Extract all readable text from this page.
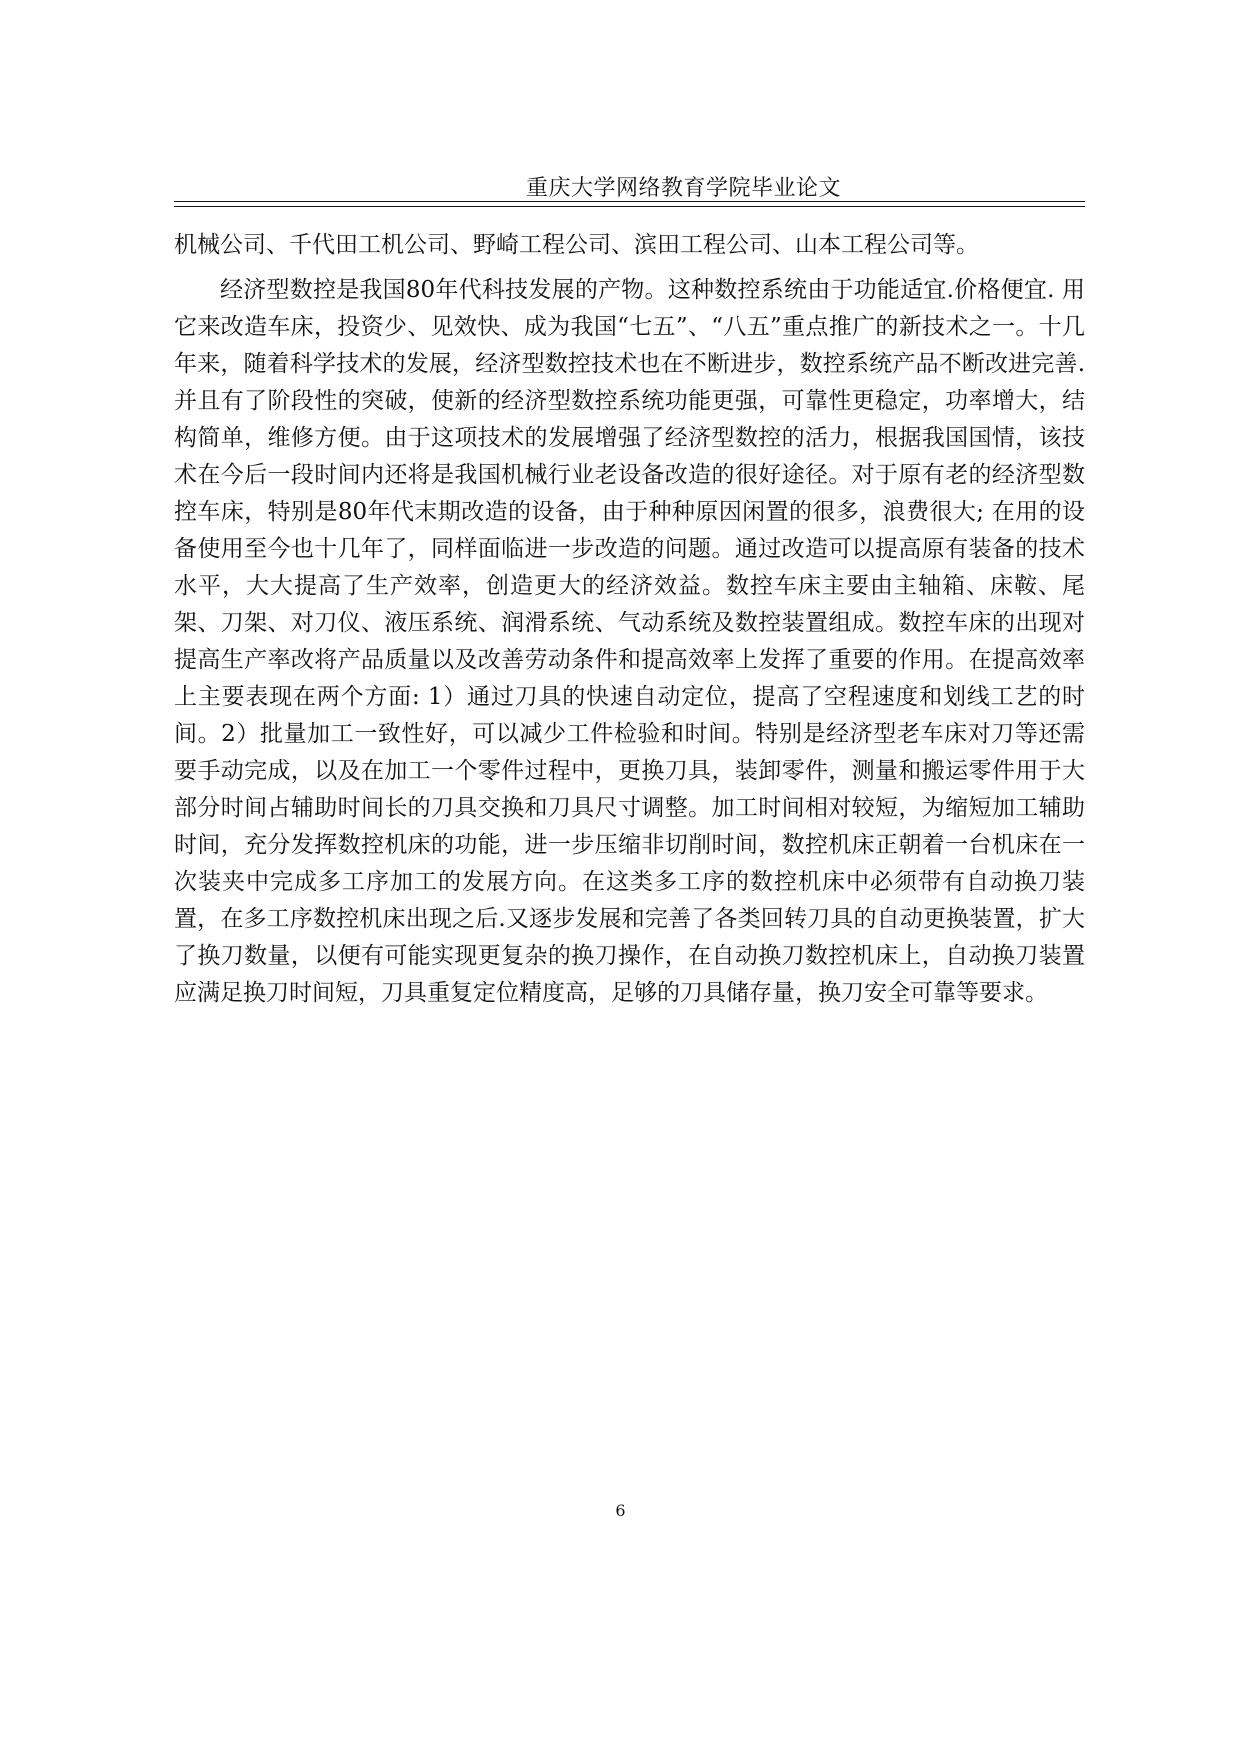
重庆大学网络教育学院毕业论文

机械公司、千代田工机公司、野崎工程公司、滨田工程公司、山本工程公司等。

经济型数控是我国80年代科技发展的产物。这种数控系统由于功能适宜.价格便宜. 用它来改造车床，投资少、见效快、成为我国“七五”、“八五”重点推广的新技术之一。十几年来，随着科学技术的发展，经济型数控技术也在不断进步，数控系统产品不断改进完善. 并且有了阶段性的突破，使新的经济型数控系统功能更强，可靠性更稳定，功率增大，结构简单，维修方便。由于这项技术的发展增强了经济型数控的活力，根据我国国情，该技术在今后一段时间内还将是我国机械行业老设备改造的很好途径。对于原有老的经济型数控车床，特别是80年代末期改造的设备，由于种种原因闲置的很多，浪费很大; 在用的设备使用至今也十几年了，同样面临进一步改造的问题。通过改造可以提高原有装备的技术水平，大大提高了生产效率，创造更大的经济效益。数控车床主要由主轴箱、床鞍、尾架、刀架、对刀仪、液压系统、润滑系统、气动系统及数控装置组成。数控车床的出现对提高生产率改将产品质量以及改善劳动条件和提高效率上发挥了重要的作用。在提高效率上主要表现在两个方面: 1）通过刀具的快速自动定位，提高了空程速度和划线工艺的时间。2）批量加工一致性好，可以减少工件检验和时间。特别是经济型老车床对刀等还需要手动完成，以及在加工一个零件过程中，更换刀具，装卸零件，测量和搬运零件用于大部分时间占辅助时间长的刀具交换和刀具尺寸调整。加工时间相对较短，为缩短加工辅助时间，充分发挥数控机床的功能，进一步压缩非切削时间，数控机床正朝着一台机床在一次装夹中完成多工序加工的发展方向。在这类多工序的数控机床中必须带有自动换刀装置，在多工序数控机床出现之后.又逐步发展和完善了各类回转刀具的自动更换装置，扩大了换刀数量，以便有可能实现更复杂的换刀操作，在自动换刀数控机床上，自动换刀装置应满足换刀时间短，刀具重复定位精度高，足够的刀具储存量，换刀安全可靠等要求。

6
